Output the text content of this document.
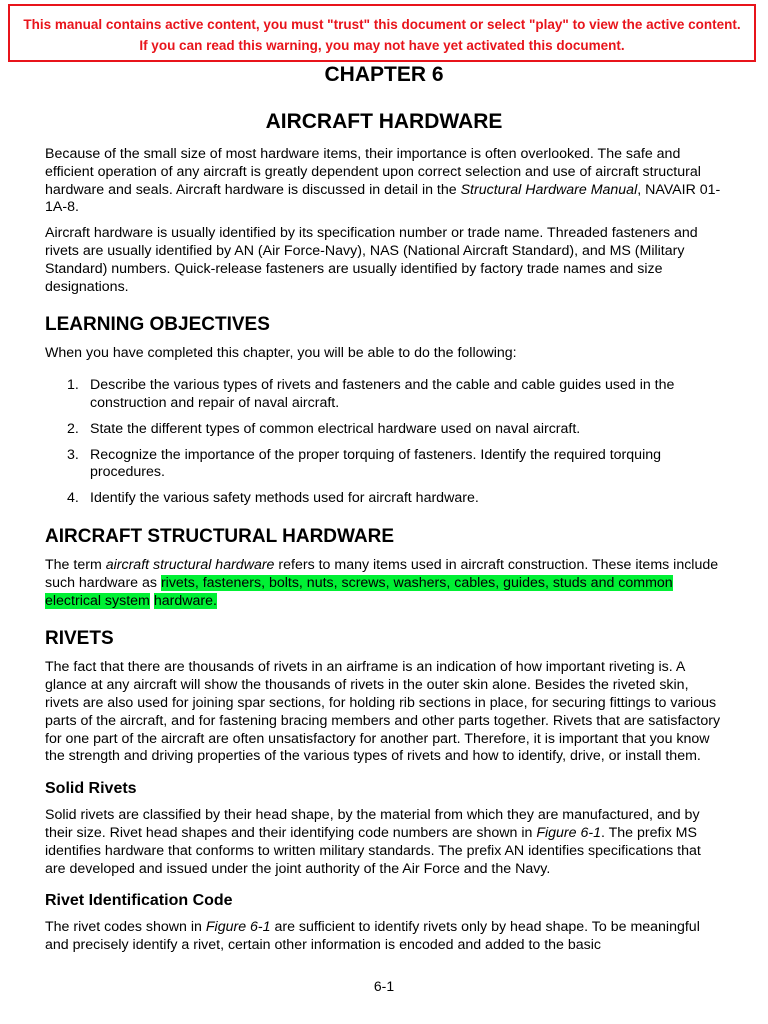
This manual contains active content, you must "trust" this document or select "play" to view the active content.
If you can read this warning, you may not have yet activated this document.
CHAPTER 6
AIRCRAFT HARDWARE

Because of the small size of most hardware items, their importance is often overlooked. The safe and efficient operation of any aircraft is greatly dependent upon correct selection and use of aircraft structural hardware and seals. Aircraft hardware is discussed in detail in the Structural Hardware Manual, NAVAIR 01-1A-8.

Aircraft hardware is usually identified by its specification number or trade name. Threaded fasteners and rivets are usually identified by AN (Air Force-Navy), NAS (National Aircraft Standard), and MS (Military Standard) numbers. Quick-release fasteners are usually identified by factory trade names and size designations.

LEARNING OBJECTIVES

When you have completed this chapter, you will be able to do the following:

1. Describe the various types of rivets and fasteners and the cable and cable guides used in the construction and repair of naval aircraft.
2. State the different types of common electrical hardware used on naval aircraft.
3. Recognize the importance of the proper torquing of fasteners. Identify the required torquing procedures.
4. Identify the various safety methods used for aircraft hardware.
AIRCRAFT STRUCTURAL HARDWARE

The term aircraft structural hardware refers to many items used in aircraft construction. These items include such hardware as rivets, fasteners, bolts, nuts, screws, washers, cables, guides, studs and common electrical system hardware.

RIVETS

The fact that there are thousands of rivets in an airframe is an indication of how important riveting is. A glance at any aircraft will show the thousands of rivets in the outer skin alone. Besides the riveted skin, rivets are also used for joining spar sections, for holding rib sections in place, for securing fittings to various parts of the aircraft, and for fastening bracing members and other parts together. Rivets that are satisfactory for one part of the aircraft are often unsatisfactory for another part. Therefore, it is important that you know the strength and driving properties of the various types of rivets and how to identify, drive, or install them.

Solid Rivets

Solid rivets are classified by their head shape, by the material from which they are manufactured, and by their size. Rivet head shapes and their identifying code numbers are shown in Figure 6-1. The prefix MS identifies hardware that conforms to written military standards. The prefix AN identifies specifications that are developed and issued under the joint authority of the Air Force and the Navy.

Rivet Identification Code

The rivet codes shown in Figure 6-1 are sufficient to identify rivets only by head shape. To be meaningful and precisely identify a rivet, certain other information is encoded and added to the basic

6-1
